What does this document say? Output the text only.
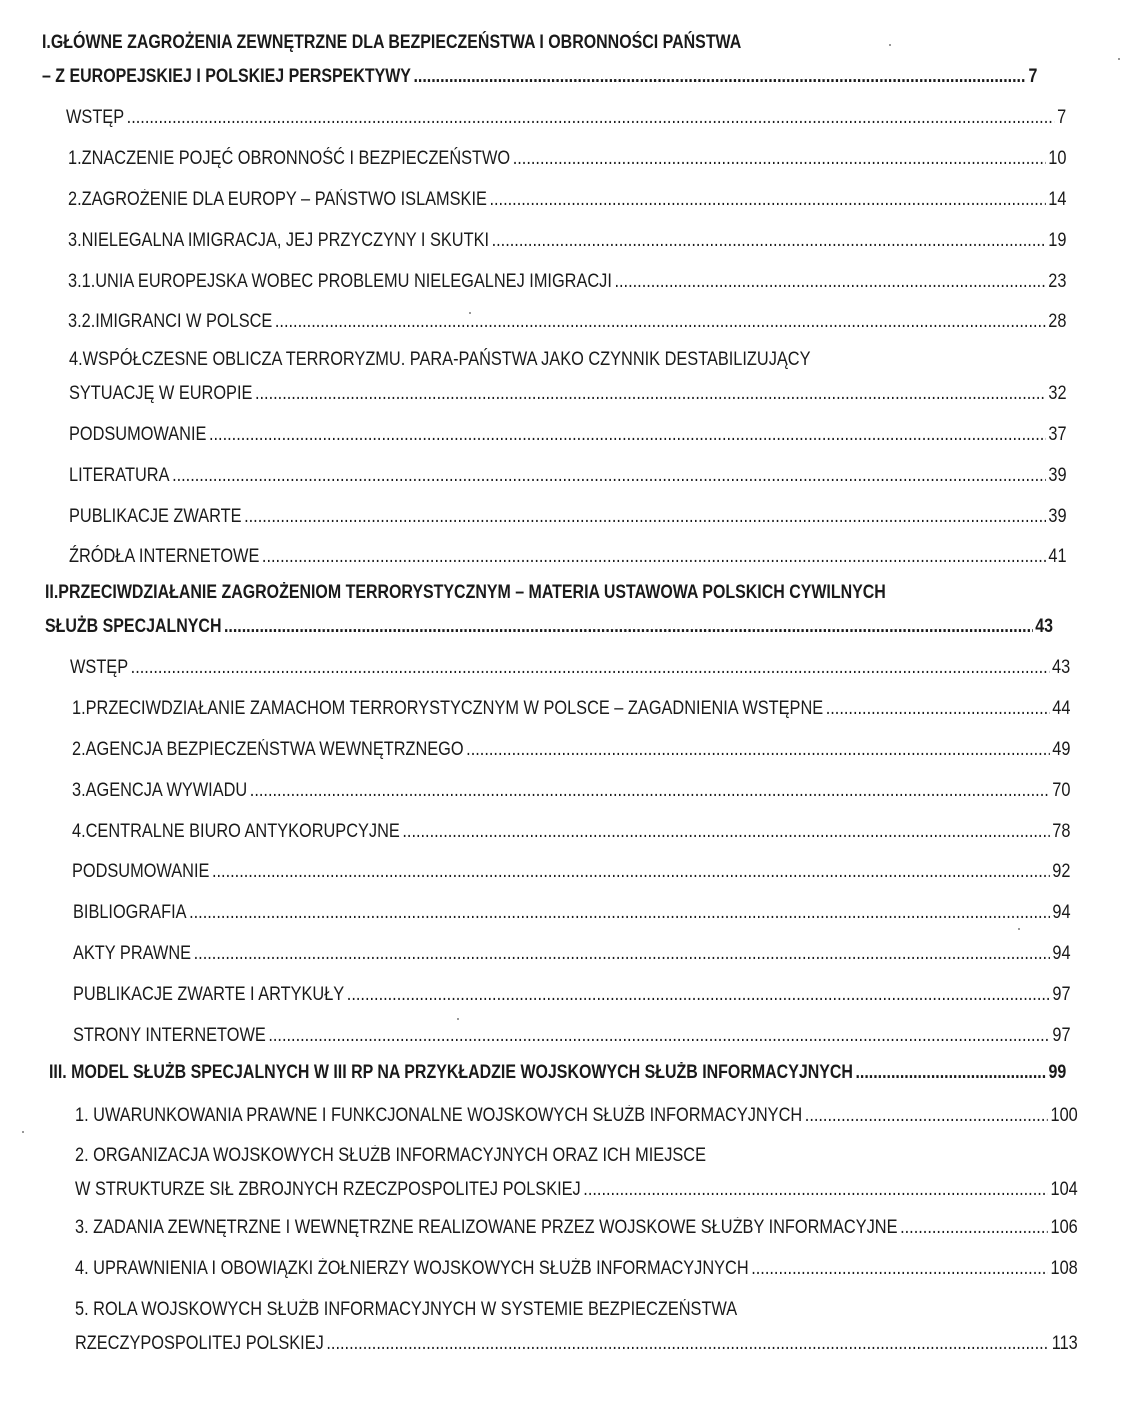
I.GŁÓWNE ZAGROŻENIA ZEWNĘTRZNE DLA BEZPIECZEŃSTWA I OBRONNOŚCI PAŃSTWA
– Z EUROPEJSKIEJ I POLSKIEJ PERSPEKTYWY .....	7
WSTĘP .....	7
1.ZNACZENIE POJĘĆ OBRONNOŚĆ I BEZPIECZEŃSTWO .....	10
2.ZAGROŻENIE DLA EUROPY – PAŃSTWO ISLAMSKIE .....	14
3.NIELEGALNA IMIGRACJA, JEJ PRZYCZYNY I SKUTKI .....	19
3.1.UNIA EUROPEJSKA WOBEC PROBLEMU NIELEGALNEJ IMIGRACJI .....	23
3.2.IMIGRANCI W POLSCE .....	28
4.WSPÓŁCZESNE OBLICZA TERRORYZMU. PARA-PAŃSTWA JAKO CZYNNIK DESTABILIZUJĄCY
SYTUACJĘ W EUROPIE .....	32
PODSUMOWANIE .....	37
LITERATURA .....	39
PUBLIKACJE ZWARTE .....	39
ŹRÓDŁA INTERNETOWE .....	41
II.PRZECIWDZIAŁANIE ZAGROŻENIOM TERRORYSTYCZNYM – MATERIA USTAWOWA POLSKICH CYWILNYCH
SŁUŻB SPECJALNYCH .....	43
WSTĘP .....	43
1.PRZECIWDZIAŁANIE ZAMACHOM TERRORYSTYCZNYM W POLSCE – ZAGADNIENIA WSTĘPNE .....	44
2.AGENCJA BEZPIECZEŃSTWA WEWNĘTRZNEGO .....	49
3.AGENCJA WYWIADU .....	70
4.CENTRALNE BIURO ANTYKORUPCYJNE .....	78
PODSUMOWANIE .....	92
BIBLIOGRAFIA .....	94
AKTY PRAWNE .....	94
PUBLIKACJE ZWARTE I ARTYKUŁY .....	97
STRONY INTERNETOWE .....	97
III. MODEL SŁUŻB SPECJALNYCH W III RP NA PRZYKŁADZIE WOJSKOWYCH SŁUŻB INFORMACYJNYCH .....	99
1. UWARUNKOWANIA PRAWNE I FUNKCJONALNE WOJSKOWYCH SŁUŻB INFORMACYJNYCH .....	100
2. ORGANIZACJA WOJSKOWYCH SŁUŻB INFORMACYJNYCH ORAZ ICH MIEJSCE
W STRUKTURZE SIŁ ZBROJNYCH RZECZPOSPOLITEJ POLSKIEJ .....	104
3. ZADANIA ZEWNĘTRZNE I WEWNĘTRZNE REALIZOWANE PRZEZ WOJSKOWE SŁUŻBY INFORMACYJNE .....	106
4. UPRAWNIENIA I OBOWIĄZKI ŻOŁNIERZY WOJSKOWYCH SŁUŻB INFORMACYJNYCH .....	108
5. ROLA WOJSKOWYCH SŁUŻB INFORMACYJNYCH W SYSTEMIE BEZPIECZEŃSTWA
RZECZYPOSPOLITEJ POLSKIEJ .....	113
